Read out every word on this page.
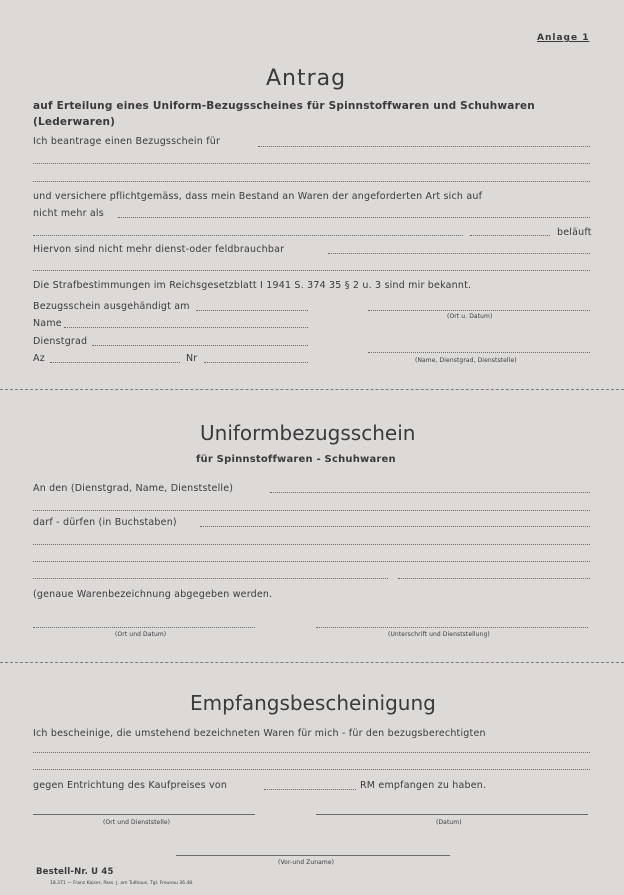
Anlage 1
Antrag
auf Erteilung eines Uniform-Bezugsscheines für Spinnstoffwaren und Schuhwaren
(Lederwaren)
Ich beantrage einen Bezugsschein für
und versichere pflichtgemäss, dass mein Bestand an Waren der angeforderten Art sich auf
nicht mehr als
beläuft
Hiervon sind nicht mehr dienst-oder feldbrauchbar
Die Strafbestimmungen im Reichsgesetzblatt I 1941 S. 374 35 § 2 u. 3 sind mir bekannt.
Bezugsschein ausgehändigt am
(Ort u. Datum)
Name
Dienstgrad
Az	Nr	(Name, Dienstgrad, Dienststelle)
Uniformbezugsschein
für Spinnstoffwaren - Schuhwaren
An den (Dienstgrad, Name, Dienststelle)
darf - dürfen (in Buchstaben)
(genaue Warenbezeichnung abgegeben werden.
(Ort und Datum)	(Unterschrift und Dienststellung)
Empfangsbescheinigung
Ich bescheinige, die umstehend bezeichneten Waren für mich - für den bezugsberechtigten
gegen Entrichtung des Kaufpreises von	RM empfangen zu haben.
(Ort und Dienststelle)	(Datum)
(Vor-und Zuname)
Bestell-Nr. U 45
18.371 — Franz Kaiser, Pass. J. am Tullhaus, Tgl. Freunau 36.48.
